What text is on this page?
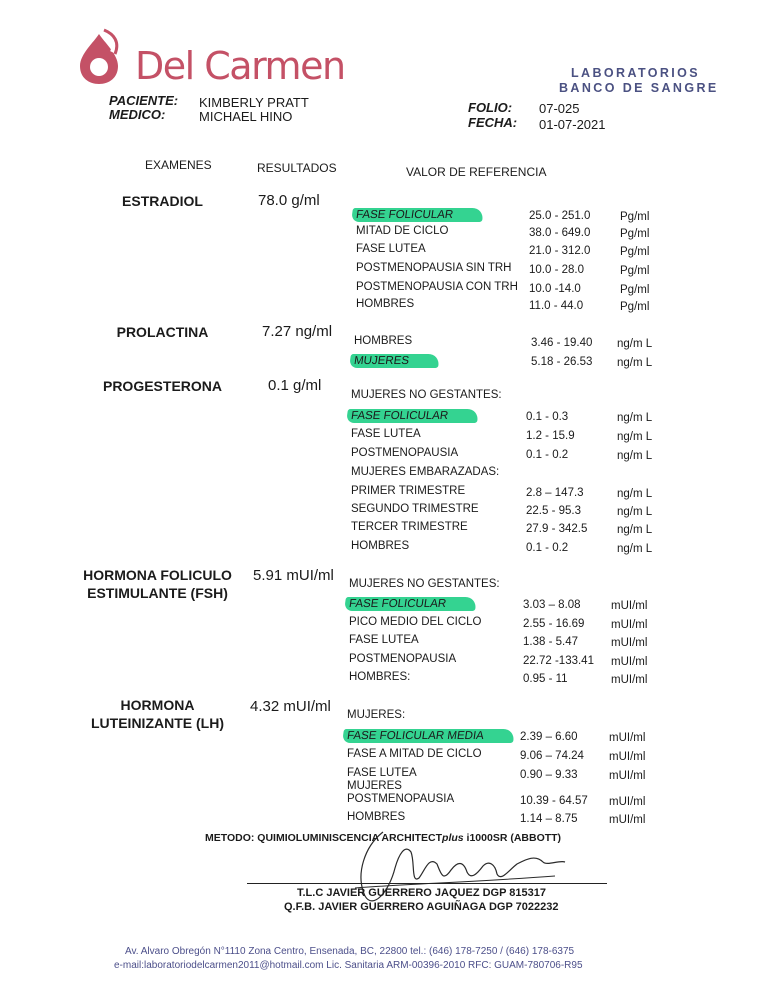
Del Carmen	LABORATORIOS
BANCO DE SANGRE
PACIENTE: KIMBERLY PRATT
MEDICO:	MICHAEL HINO
FOLIO: 07-025
FECHA: 01-07-2021
EXAMENES	RESULTADOS	VALOR DE REFERENCIA
ESTRADIOL	78.0 g/ml
FASE FOLICULAR	25.0 - 251.0	Pg/ml
MITAD DE CICLO	38.0 - 649.0	Pg/ml
FASE LUTEA	21.0 - 312.0	Pg/ml
POSTMENOPAUSIA SIN TRH 10.0 - 28.0	Pg/ml
POSTMENOPAUSIA CON TRH 10.0 -14.0	Pg/ml
HOMBRES	11.0 - 44.0	Pg/ml
PROLACTINA	7.27 ng/ml
HOMBRES	3.46 - 19.40 ng/m L
MUJERES	5.18 - 26.53 ng/m L
PROGESTERONA	0.1 g/ml
MUJERES NO GESTANTES:
FASE FOLICULAR	0.1 - 0.3	ng/m L
FASE LUTEA	1.2 - 15.9	ng/m L
POSTMENOPAUSIA	0.1 - 0.2	ng/m L
MUJERES EMBARAZADAS:
PRIMER TRIMESTRE	2.8 – 147.3	ng/m L
SEGUNDO TRIMESTRE	22.5 - 95.3	ng/m L
TERCER TRIMESTRE	27.9 - 342.5	ng/m L
HOMBRES	0.1 - 0.2	ng/m L
HORMONA FOLICULO
ESTIMULANTE (FSH)
5.91 mUI/ml MUJERES NO GESTANTES:
FASE FOLICULAR	3.03 – 8.08	mUI/ml
PICO MEDIO DEL CICLO	2.55 - 16.69 mUI/ml
FASE LUTEA	1.38 - 5.47	mUI/ml
POSTMENOPAUSIA	22.72 -133.41 mUI/ml
HOMBRES:	0.95 - 11	mUI/ml
HORMONA
LUTEINIZANTE (LH)
4.32 mUI/ml MUJERES:
FASE FOLICULAR MEDIA	2.39 – 6.60	mUI/ml
FASE A MITAD DE CICLO	9.06 – 74.24 mUI/ml
FASE LUTEA	0.90 – 9.33	mUI/ml
MUJERES
POSTMENOPAUSIA	10.39 - 64.57 mUI/ml
HOMBRES	1.14 – 8.75	mUI/ml
METODO: QUIMIOLUMINISCENCIA ARCHITECTplus i1000SR (ABBOTT)
T.L.C JAVIER GUERRERO JAQUEZ DGP 815317
Q.F.B. JAVIER GUERRERO AGUIÑAGA DGP 7022232
Av. Alvaro Obregón N°1110 Zona Centro, Ensenada, BC, 22800 tel.: (646) 178-7250 / (646) 178-6375
e-mail:laboratoriodelcarmen2011@hotmail.com Lic. Sanitaria ARM-00396-2010 RFC: GUAM-780706-R95
